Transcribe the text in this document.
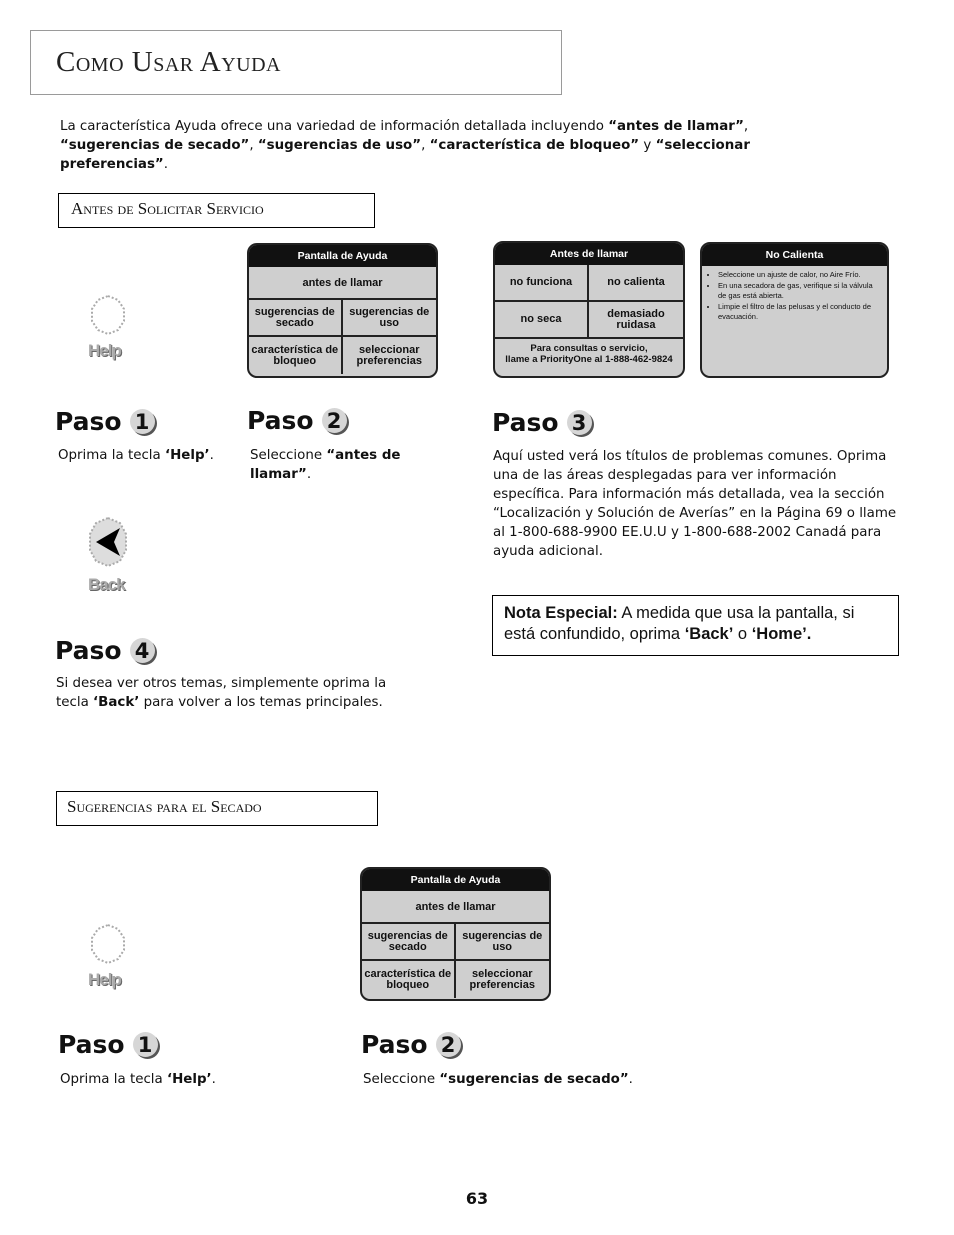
Como Usar Ayuda

La característica Ayuda ofrece una variedad de información detallada incluyendo “antes de llamar”, “sugerencias de secado”, “sugerencias de uso”, “característica de bloqueo” y “seleccionar preferencias”.

Antes de Solicitar Servicio
Help
Pantalla de Ayuda
antes de llamar
sugerencias de secado
sugerencias de uso
característica de bloqueo
seleccionar preferencias
Antes de llamar
no funciona	no calienta
no seca	demasiado ruidasa
Para consultas o servicio,
llame a PriorityOne al 1-888-462-9824
No Calienta
• Seleccione un ajuste de calor, no Aire Frío.
• En una secadora de gas, verifique si la válvula de gas está abierta.
• Limpie el filtro de las pelusas y el conducto de evacuación.
Paso 1

Oprima la tecla ‘Help’.

Paso 2

Seleccione “antes de llamar”.

Paso 3

Aquí usted verá los títulos de problemas comunes. Oprima una de las áreas desplegadas para ver información específica. Para información más detallada, vea la sección “Localización y Solución de Averías” en la Página 69 o llame al 1-800-688-9900 EE.U.U y 1-800-688-2002 Canadá para ayuda adicional.

Back
Nota Especial: A medida que usa la pantalla, si está confundido, oprima ‘Back’ o ‘Home’.
Paso 4

Si desea ver otros temas, simplemente oprima la tecla ‘Back’ para volver a los temas principales.

Sugerencias para el Secado
Pantalla de Ayuda
antes de llamar
sugerencias de secado
sugerencias de uso
característica de bloqueo
seleccionar preferencias
Help
Paso 1

Oprima la tecla ‘Help’.

Paso 2

Seleccione “sugerencias de secado”.

63
